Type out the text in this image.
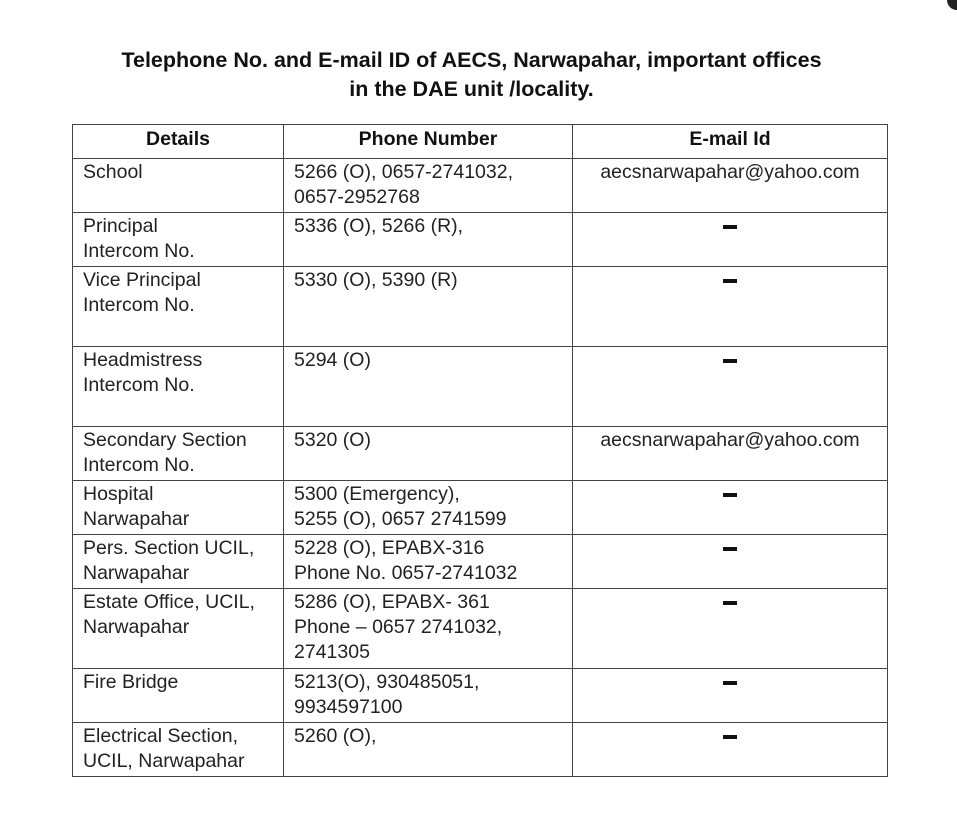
Telephone No. and E-mail ID of AECS, Narwapahar, important offices
in the DAE unit /locality.
Details	Phone Number	E-mail Id

School	5266 (O), 0657-2741032,
0657-2952768	aecsnarwapahar@yahoo.com

Principal
Intercom No.	5336 (O), 5266 (R),	

Vice Principal
Intercom No.	5330 (O), 5390 (R)	

Headmistress
Intercom No.	5294 (O)	

Secondary Section
Intercom No.	5320 (O)	aecsnarwapahar@yahoo.com

Hospital
Narwapahar	5300 (Emergency),
5255 (O), 0657 2741599	

Pers. Section UCIL,
Narwapahar	5228 (O), EPABX-316
Phone No. 0657-2741032	

Estate Office, UCIL,
Narwapahar	5286 (O), EPABX- 361
Phone – 0657 2741032,
2741305	

Fire Bridge	5213(O), 930485051,
9934597100	

Electrical Section,
UCIL, Narwapahar	5260 (O),	
